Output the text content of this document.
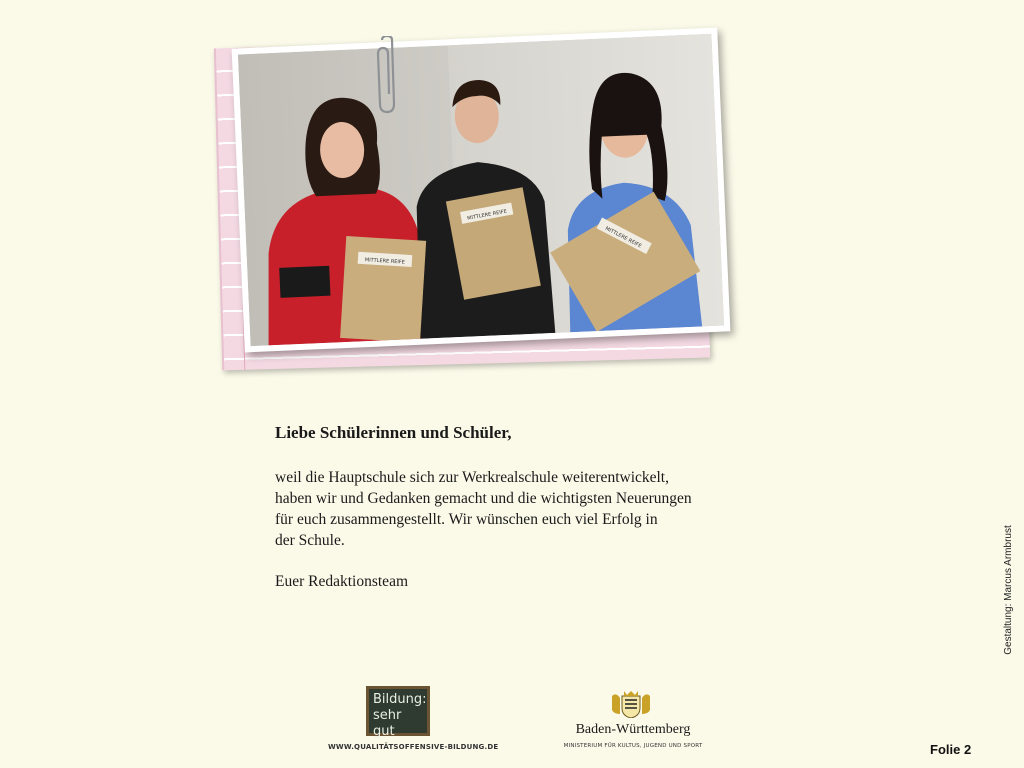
MITTLERE REIFE
MITTLERE REIFE
MITTLERE REIFE

Liebe Schülerinnen und Schüler,

weil die Hauptschule sich zur Werkrealschule weiterentwickelt,
haben wir und Gedanken gemacht und die wichtigsten Neuerungen
für euch zusammengestellt. Wir wünschen euch viel Erfolg in
der Schule.

Euer Redaktionsteam	Gestaltung: Marcus Armbrust
Bildung:
sehr gut
WWW.QUALITÄTSOFFENSIVE-BILDUNG.DE
Baden-Württemberg
MINISTERIUM FÜR KULTUS, JUGEND UND SPORT	Folie 2
